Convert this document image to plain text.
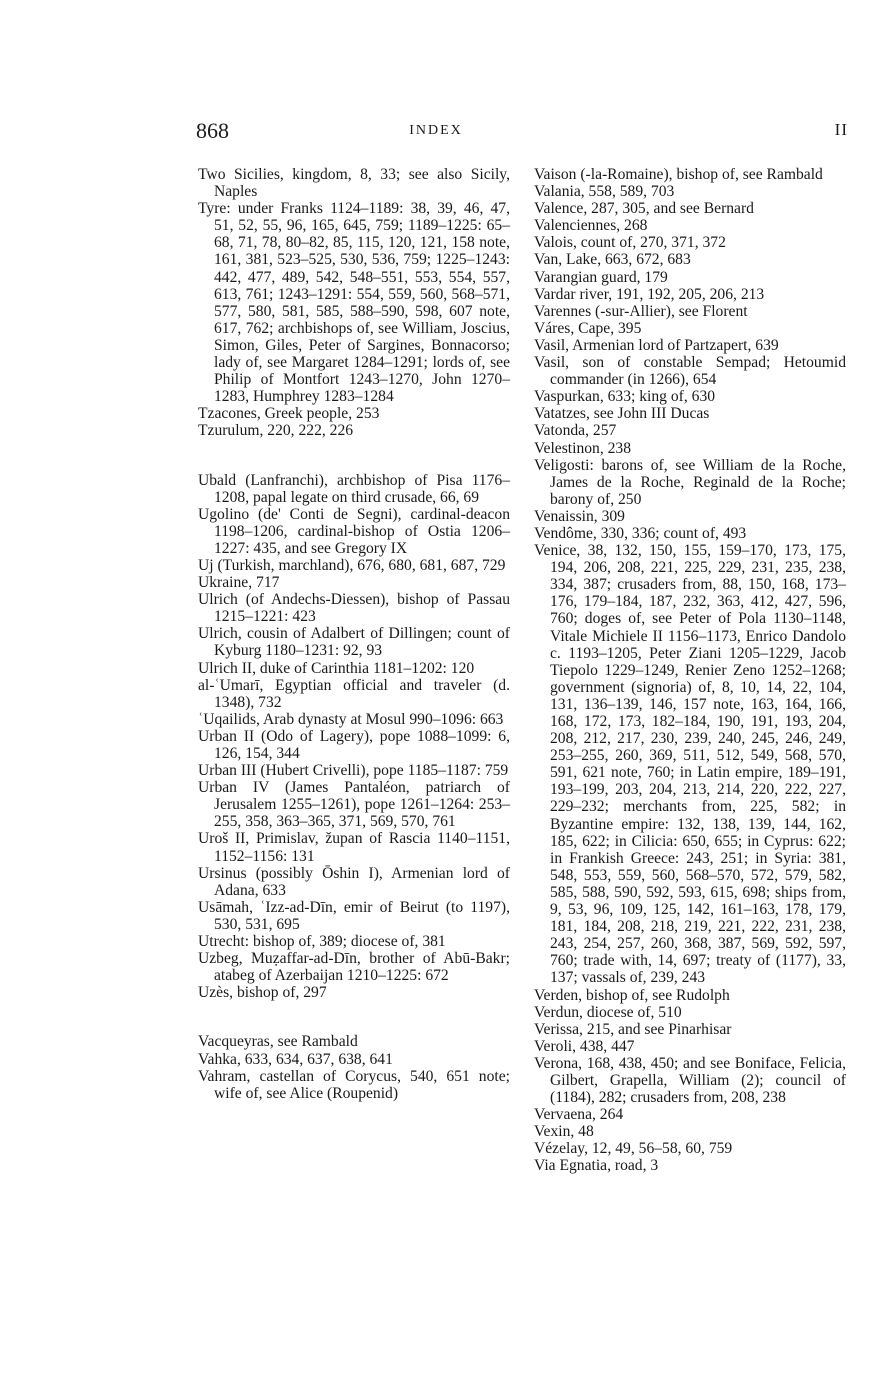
868	INDEX	II
Two Sicilies, kingdom, 8, 33; see also Sicily, Naples
Tyre: under Franks 1124–1189: 38, 39, 46, 47, 51, 52, 55, 96, 165, 645, 759; 1189–1225: 65–68, 71, 78, 80–82, 85, 115, 120, 121, 158 note, 161, 381, 523–525, 530, 536, 759; 1225–1243: 442, 477, 489, 542, 548–551, 553, 554, 557, 613, 761; 1243–1291: 554, 559, 560, 568–571, 577, 580, 581, 585, 588–590, 598, 607 note, 617, 762; archbishops of, see William, Joscius, Simon, Giles, Peter of Sargines, Bonnacorso; lady of, see Margaret 1284–1291; lords of, see Philip of Montfort 1243–1270, John 1270–1283, Humphrey 1283–1284
Tzacones, Greek people, 253
Tzurulum, 220, 222, 226
Ubald (Lanfranchi), archbishop of Pisa 1176–1208, papal legate on third crusade, 66, 69
Ugolino (de' Conti de Segni), cardinal-deacon 1198–1206, cardinal-bishop of Ostia 1206–1227: 435, and see Gregory IX
Uj (Turkish, marchland), 676, 680, 681, 687, 729
Ukraine, 717
Ulrich (of Andechs-Diessen), bishop of Passau 1215–1221: 423
Ulrich, cousin of Adalbert of Dillingen; count of Kyburg 1180–1231: 92, 93
Ulrich II, duke of Carinthia 1181–1202: 120
al-ʿUmarī, Egyptian official and traveler (d. 1348), 732
ʿUqailids, Arab dynasty at Mosul 990–1096: 663
Urban II (Odo of Lagery), pope 1088–1099: 6, 126, 154, 344
Urban III (Hubert Crivelli), pope 1185–1187: 759
Urban IV (James Pantaléon, patriarch of Jerusalem 1255–1261), pope 1261–1264: 253–255, 358, 363–365, 371, 569, 570, 761
Uroš II, Primislav, župan of Rascia 1140–1151, 1152–1156: 131
Ursinus (possibly Ōshin I), Armenian lord of Adana, 633
Usāmah, ʿIzz-ad-Dīn, emir of Beirut (to 1197), 530, 531, 695
Utrecht: bishop of, 389; diocese of, 381
Uzbeg, Muẓaffar-ad-Dīn, brother of Abū-Bakr; atabeg of Azerbaijan 1210–1225: 672
Uzès, bishop of, 297
Vacqueyras, see Rambald
Vahka, 633, 634, 637, 638, 641
Vahram, castellan of Corycus, 540, 651 note; wife of, see Alice (Roupenid)
Vaison (-la-Romaine), bishop of, see Rambald
Valania, 558, 589, 703
Valence, 287, 305, and see Bernard
Valenciennes, 268
Valois, count of, 270, 371, 372
Van, Lake, 663, 672, 683
Varangian guard, 179
Vardar river, 191, 192, 205, 206, 213
Varennes (-sur-Allier), see Florent
Váres, Cape, 395
Vasil, Armenian lord of Partzapert, 639
Vasil, son of constable Sempad; Hetoumid commander (in 1266), 654
Vaspurkan, 633; king of, 630
Vatatzes, see John III Ducas
Vatonda, 257
Velestinon, 238
Veligosti: barons of, see William de la Roche, James de la Roche, Reginald de la Roche; barony of, 250
Venaissin, 309
Vendôme, 330, 336; count of, 493
Venice, 38, 132, 150, 155, 159–170, 173, 175, 194, 206, 208, 221, 225, 229, 231, 235, 238, 334, 387; crusaders from, 88, 150, 168, 173–176, 179–184, 187, 232, 363, 412, 427, 596, 760; doges of, see Peter of Pola 1130–1148, Vitale Michiele II 1156–1173, Enrico Dandolo c. 1193–1205, Peter Ziani 1205–1229, Jacob Tiepolo 1229–1249, Renier Zeno 1252–1268; government (signoria) of, 8, 10, 14, 22, 104, 131, 136–139, 146, 157 note, 163, 164, 166, 168, 172, 173, 182–184, 190, 191, 193, 204, 208, 212, 217, 230, 239, 240, 245, 246, 249, 253–255, 260, 369, 511, 512, 549, 568, 570, 591, 621 note, 760; in Latin empire, 189–191, 193–199, 203, 204, 213, 214, 220, 222, 227, 229–232; merchants from, 225, 582; in Byzantine empire: 132, 138, 139, 144, 162, 185, 622; in Cilicia: 650, 655; in Cyprus: 622; in Frankish Greece: 243, 251; in Syria: 381, 548, 553, 559, 560, 568–570, 572, 579, 582, 585, 588, 590, 592, 593, 615, 698; ships from, 9, 53, 96, 109, 125, 142, 161–163, 178, 179, 181, 184, 208, 218, 219, 221, 222, 231, 238, 243, 254, 257, 260, 368, 387, 569, 592, 597, 760; trade with, 14, 697; treaty of (1177), 33, 137; vassals of, 239, 243
Verden, bishop of, see Rudolph
Verdun, diocese of, 510
Verissa, 215, and see Pinarhisar
Veroli, 438, 447
Verona, 168, 438, 450; and see Boniface, Felicia, Gilbert, Grapella, William (2); council of (1184), 282; crusaders from, 208, 238
Vervaena, 264
Vexin, 48
Vézelay, 12, 49, 56–58, 60, 759
Via Egnatia, road, 3
